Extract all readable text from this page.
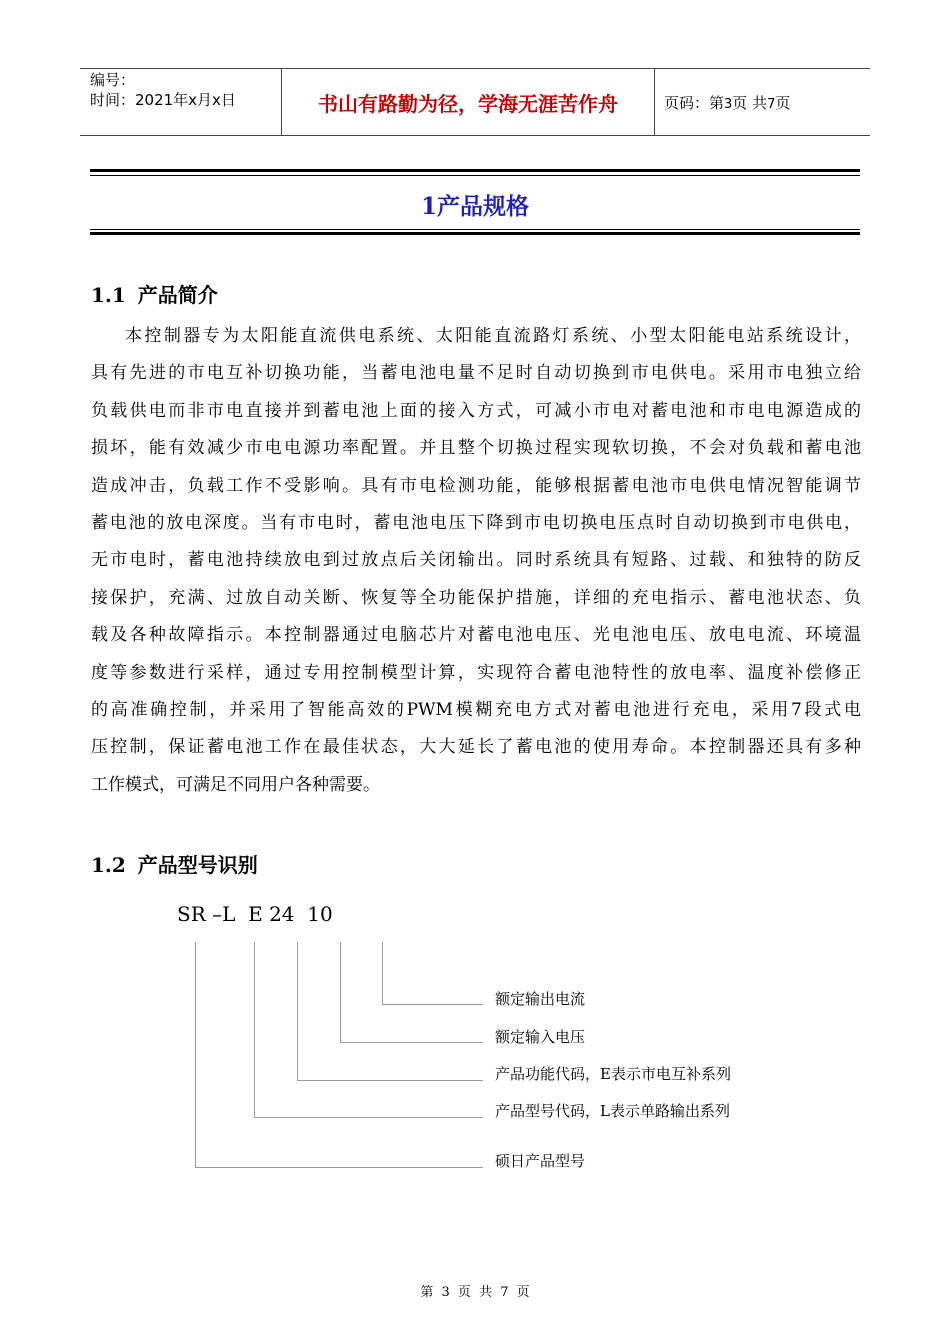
编号：
时间：2021年x月x日	书山有路勤为径，学海无涯苦作舟	页码：第3页 共7页
1产品规格
1.1 产品简介
本控制器专为太阳能直流供电系统、太阳能直流路灯系统、小型太阳能电站系统设计，
具有先进的市电互补切换功能，当蓄电池电量不足时自动切换到市电供电。采用市电独立给
负载供电而非市电直接并到蓄电池上面的接入方式，可减小市电对蓄电池和市电电源造成的
损坏，能有效减少市电电源功率配置。并且整个切换过程实现软切换，不会对负载和蓄电池
造成冲击，负载工作不受影响。具有市电检测功能，能够根据蓄电池市电供电情况智能调节
蓄电池的放电深度。当有市电时，蓄电池电压下降到市电切换电压点时自动切换到市电供电，
无市电时，蓄电池持续放电到过放点后关闭输出。同时系统具有短路、过载、和独特的防反
接保护，充满、过放自动关断、恢复等全功能保护措施，详细的充电指示、蓄电池状态、负
载及各种故障指示。本控制器通过电脑芯片对蓄电池电压、光电池电压、放电电流、环境温
度等参数进行采样，通过专用控制模型计算，实现符合蓄电池特性的放电率、温度补偿修正
的高准确控制，并采用了智能高效的PWM模糊充电方式对蓄电池进行充电，采用7段式电
压控制，保证蓄电池工作在最佳状态，大大延长了蓄电池的使用寿命。本控制器还具有多种
工作模式，可满足不同用户各种需要。
1.2 产品型号识别
SR –L  E 24  10
额定输出电流
额定输入电压
产品功能代码，E表示市电互补系列
产品型号代码，L表示单路输出系列
硕日产品型号
第 3 页 共 7 页
